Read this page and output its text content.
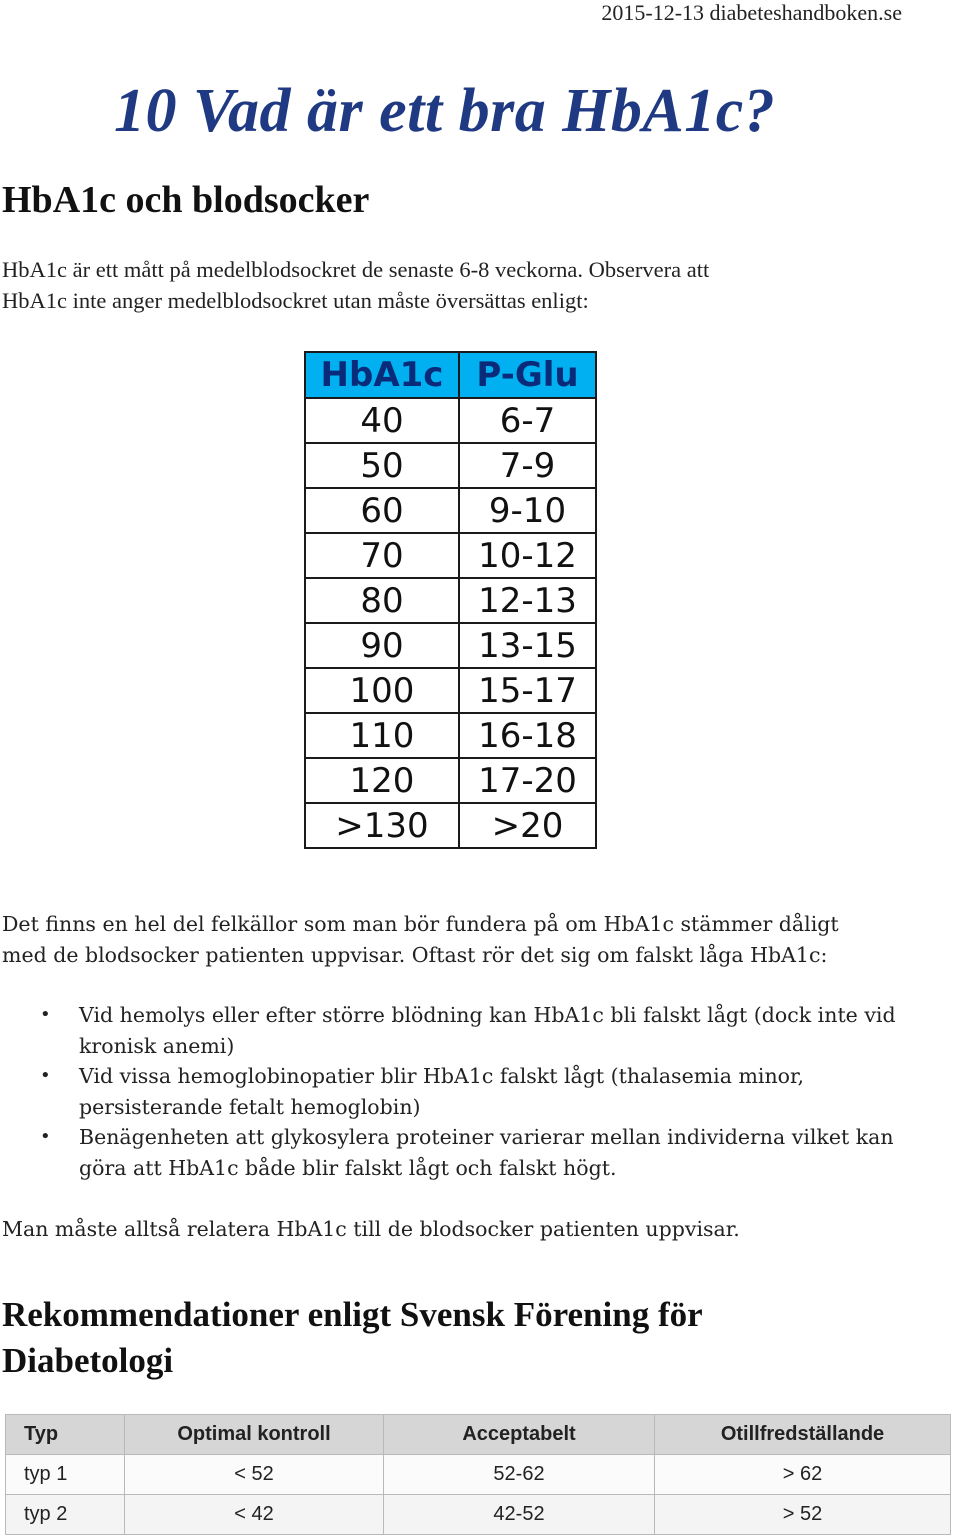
2015-12-13 diabeteshandboken.se
10 Vad är ett bra HbA1c?
HbA1c och blodsocker

HbA1c är ett mått på medelblodsockret de senaste 6-8 veckorna. Observera att
HbA1c inte anger medelblodsockret utan måste översättas enligt:

HbA1c	P-Glu
40	6-7
50	7-9
60	9-10
70	10-12
80	12-13
90	13-15
100	15-17
110	16-18
120	17-20
>130	>20

Det finns en hel del felkällor som man bör fundera på om HbA1c stämmer dåligt
med de blodsocker patienten uppvisar. Oftast rör det sig om falskt låga HbA1c:

• Vid hemolys eller efter större blödning kan HbA1c bli falskt lågt (dock inte vid kronisk anemi)
• Vid vissa hemoglobinopatier blir HbA1c falskt lågt (thalasemia minor, persisterande fetalt hemoglobin)
• Benägenheten att glykosylera proteiner varierar mellan individerna vilket kan göra att HbA1c både blir falskt lågt och falskt högt.

Man måste alltså relatera HbA1c till de blodsocker patienten uppvisar.

Rekommendationer enligt Svensk Förening för
Diabetologi
Typ	Optimal kontroll	Acceptabelt	Otillfredställande
typ 1	< 52	52-62	> 62
typ 2	< 42	42-52	> 52
